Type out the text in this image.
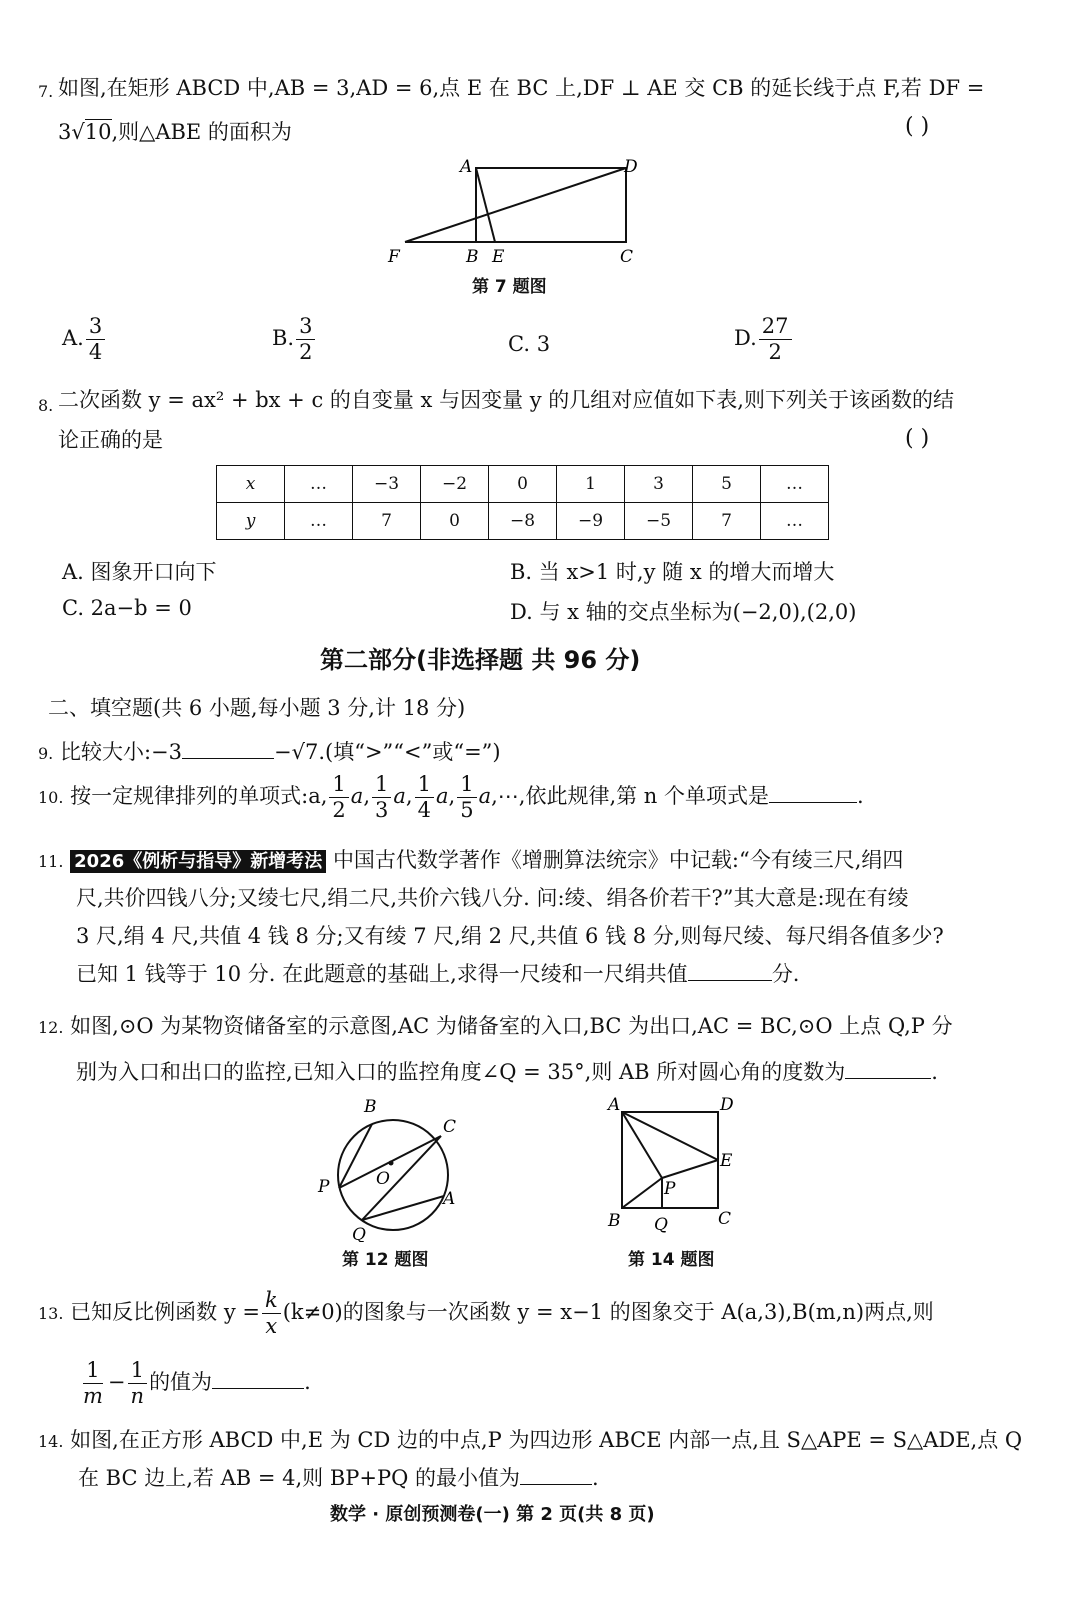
7. 如图,在矩形 ABCD 中,AB = 3,AD = 6,点 E 在 BC 上,DF ⊥ AE 交 CB 的延长线于点 F,若 DF =
3√10,则△ABE 的面积为	( )
A	D
F	B E	C
第 7 题图
A. $\frac{3}{4}$	B. $\frac{3}{2}$	C. 3	D. $\frac{27}{2}$
8. 二次函数 y = ax² + bx + c 的自变量 x 与因变量 y 的几组对应值如下表,则下列关于该函数的结
论正确的是	( )
x	…	−3	−2	0	1	3	5	…
y	…	7	0	−8	−9	−5	7	…
A. 图象开口向下	B. 当 x>1 时,y 随 x 的增大而增大
C. 2a−b = 0	D. 与 x 轴的交点坐标为(−2,0),(2,0)
第二部分(非选择题 共 96 分)
二、填空题(共 6 小题,每小题 3 分,计 18 分)
9. 比较大小:−3	−√7.(填“>”“<”或“=”)
10. 按一定规律排列的单项式:a, $\frac{1}{2} a$, $\frac{1}{3} a$, $\frac{1}{4} a$, $\frac{1}{5}$ a,⋯,依此规律,第 n 个单项式是	.
11. 2026《例析与指导》新增考法 中国古代数学著作《增删算法统宗》中记载:“今有绫三尺,绢四
尺,共价四钱八分;又绫七尺,绢二尺,共价六钱八分. 问:绫、绢各价若干?”其大意是:现在有绫
3 尺,绢 4 尺,共值 4 钱 8 分;又有绫 7 尺,绢 2 尺,共值 6 钱 8 分,则每尺绫、每尺绢各值多少?
已知 1 钱等于 10 分. 在此题意的基础上,求得一尺绫和一尺绢共值	分.
12. 如图,⊙O 为某物资储备室的示意图,AC 为储备室的入口,BC 为出口,AC = BC,⊙O 上点 Q,P 分
别为入口和出口的监控,已知入口的监控角度∠Q = 35°,则 AB 所对圆心角的度数为	.
B
C
P	O
A
Q
第 12 题图
A	D
E
P
B Q	C
第 14 题图
13. 已知反比例函数 $y = \frac{k}{x} (k\ne 0)$的图象与一次函数 y = x−1 的图象交于 A(a,3),B(m,n)两点,则
$\frac{1}{m} - \frac{1}{n}$ 的值为	.
14. 如图,在正方形 ABCD 中,E 为 CD 边的中点,P 为四边形 ABCE 内部一点,且 S△APE = S△ADE,点 Q
在 BC 边上,若 AB = 4,则 BP+PQ 的最小值为	.
数学 · 原创预测卷(一) 第 2 页(共 8 页)
